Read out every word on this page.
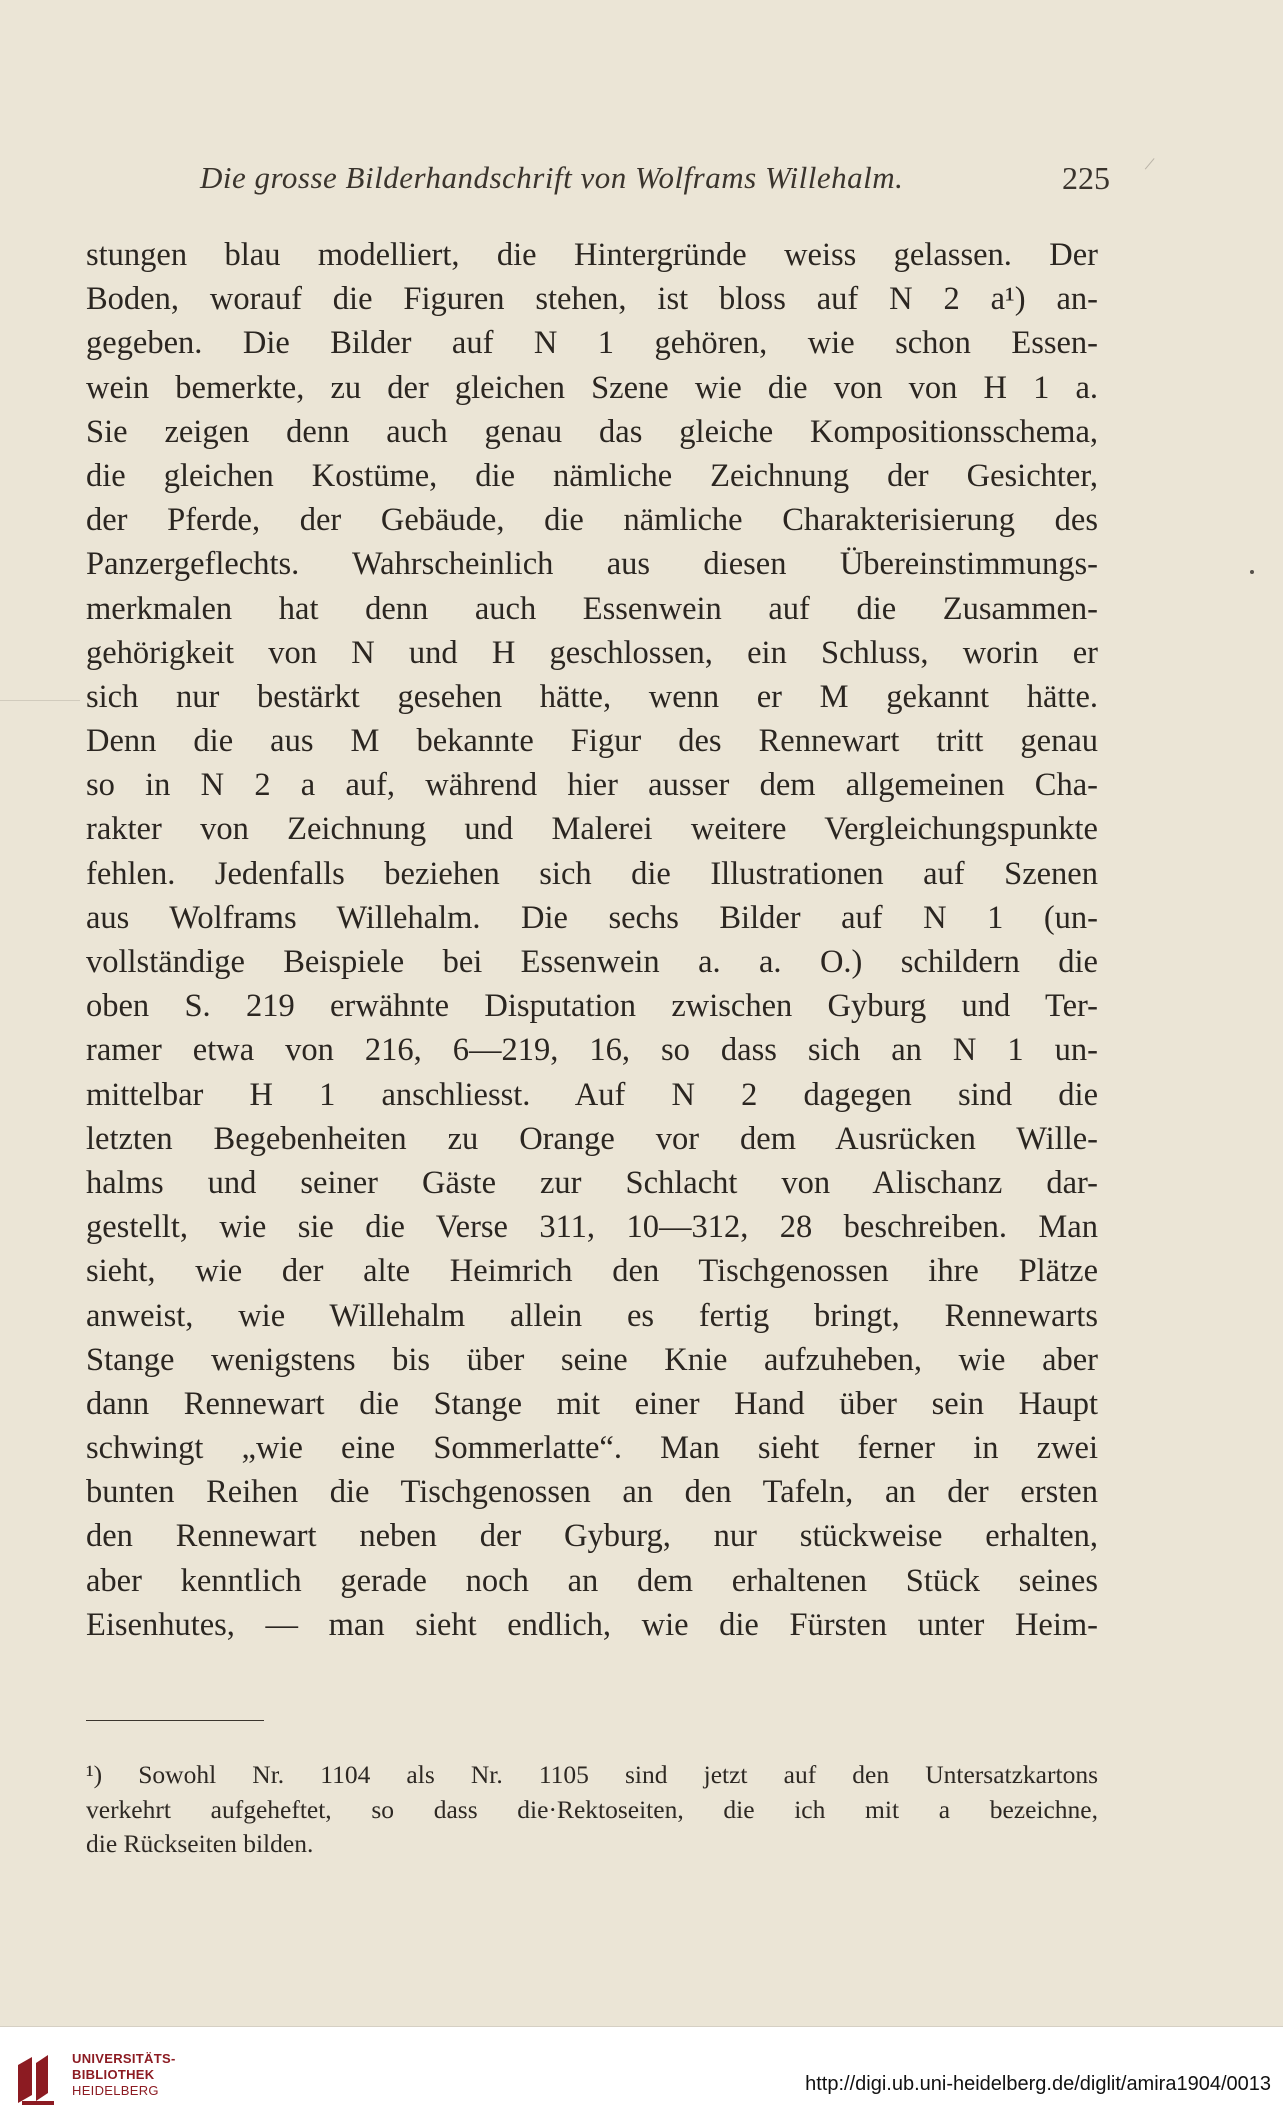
Die grosse Bilderhandschrift von Wolframs Willehalm.	225
stungen blau modelliert, die Hintergründe weiss gelassen. Der
Boden, worauf die Figuren stehen, ist bloss auf N 2 a¹) an-
gegeben. Die Bilder auf N 1 gehören, wie schon Essen-
wein bemerkte, zu der gleichen Szene wie die von von H 1 a.
Sie zeigen denn auch genau das gleiche Kompositionsschema,
die gleichen Kostüme, die nämliche Zeichnung der Gesichter,
der Pferde, der Gebäude, die nämliche Charakterisierung des
Panzergeflechts. Wahrscheinlich aus diesen Übereinstimmungs-
merkmalen hat denn auch Essenwein auf die Zusammen-
gehörigkeit von N und H geschlossen, ein Schluss, worin er
sich nur bestärkt gesehen hätte, wenn er M gekannt hätte.
Denn die aus M bekannte Figur des Rennewart tritt genau
so in N 2 a auf, während hier ausser dem allgemeinen Cha-
rakter von Zeichnung und Malerei weitere Vergleichungspunkte
fehlen. Jedenfalls beziehen sich die Illustrationen auf Szenen
aus Wolframs Willehalm. Die sechs Bilder auf N 1 (un-
vollständige Beispiele bei Essenwein a. a. O.) schildern die
oben S. 219 erwähnte Disputation zwischen Gyburg und Ter-
ramer etwa von 216, 6—219, 16, so dass sich an N 1 un-
mittelbar H 1 anschliesst. Auf N 2 dagegen sind die
letzten Begebenheiten zu Orange vor dem Ausrücken Wille-
halms und seiner Gäste zur Schlacht von Alischanz dar-
gestellt, wie sie die Verse 311, 10—312, 28 beschreiben. Man
sieht, wie der alte Heimrich den Tischgenossen ihre Plätze
anweist, wie Willehalm allein es fertig bringt, Rennewarts
Stange wenigstens bis über seine Knie aufzuheben, wie aber
dann Rennewart die Stange mit einer Hand über sein Haupt
schwingt „wie eine Sommerlatte“. Man sieht ferner in zwei
bunten Reihen die Tischgenossen an den Tafeln, an der ersten
den Rennewart neben der Gyburg, nur stückweise erhalten,
aber kenntlich gerade noch an dem erhaltenen Stück seines
Eisenhutes, — man sieht endlich, wie die Fürsten unter Heim-
¹) Sowohl Nr. 1104 als Nr. 1105 sind jetzt auf den Untersatzkartons
verkehrt aufgeheftet, so dass die·Rektoseiten, die ich mit a bezeichne,
die Rückseiten bilden.
UNIVERSITÄTS-
BIBLIOTHEK
HEIDELBERG	http://digi.ub.uni-heidelberg.de/diglit/amira1904/0013
